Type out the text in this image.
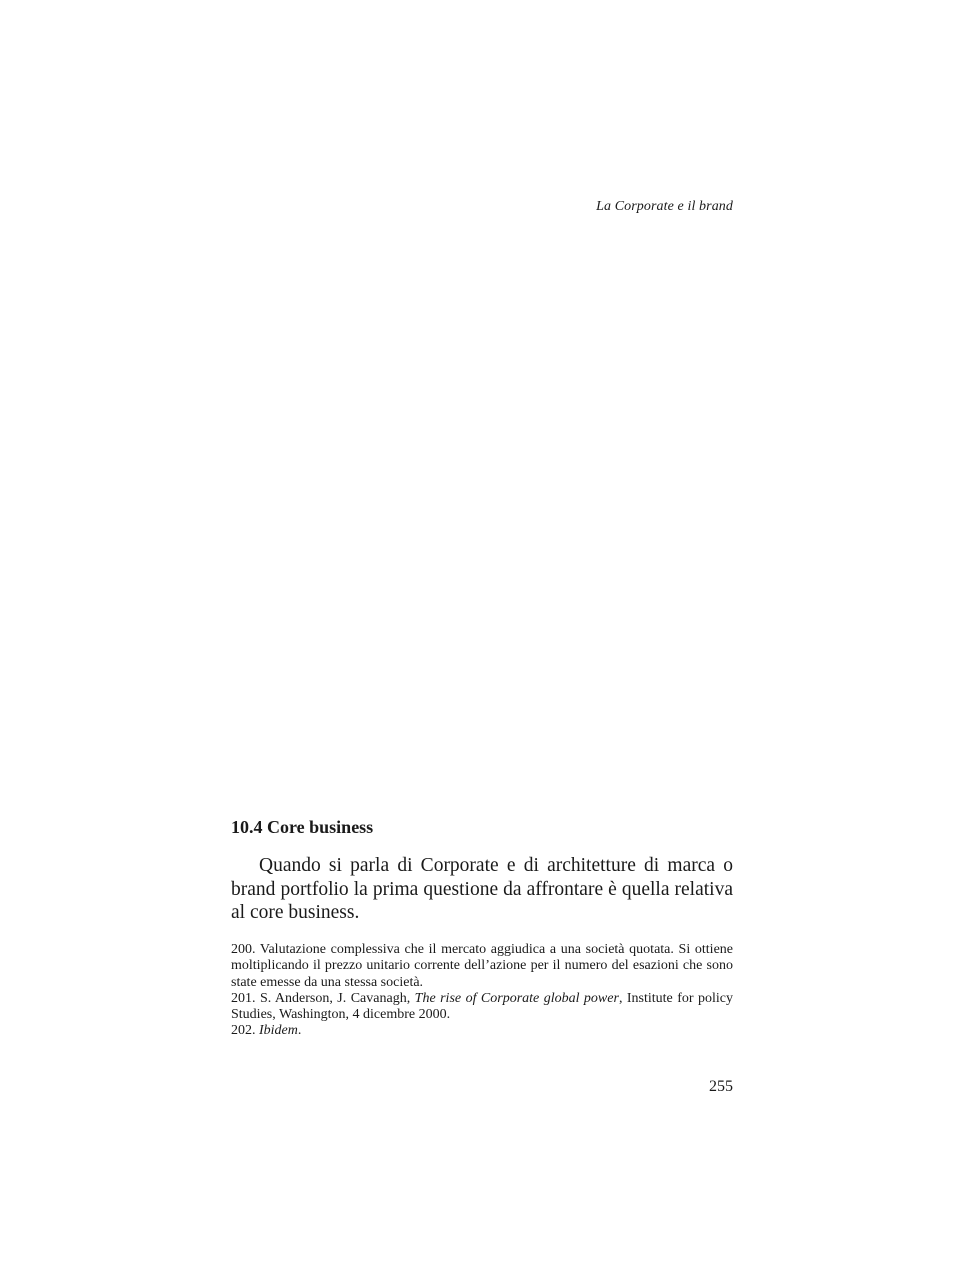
La Corporate e il brand
10.4 Core business

Quando si parla di Corporate e di architetture di marca o brand portfolio la prima questione da affrontare è quella relativa al core business.

200. Valutazione complessiva che il mercato aggiudica a una società quotata. Si ottiene moltiplicando il prezzo unitario corrente dell’azione per il numero del esazioni che sono state emesse da una stessa società.

201. S. Anderson, J. Cavanagh, The rise of Corporate global power, Institute for policy Studies, Washington, 4 dicembre 2000.

202. Ibidem.

255
